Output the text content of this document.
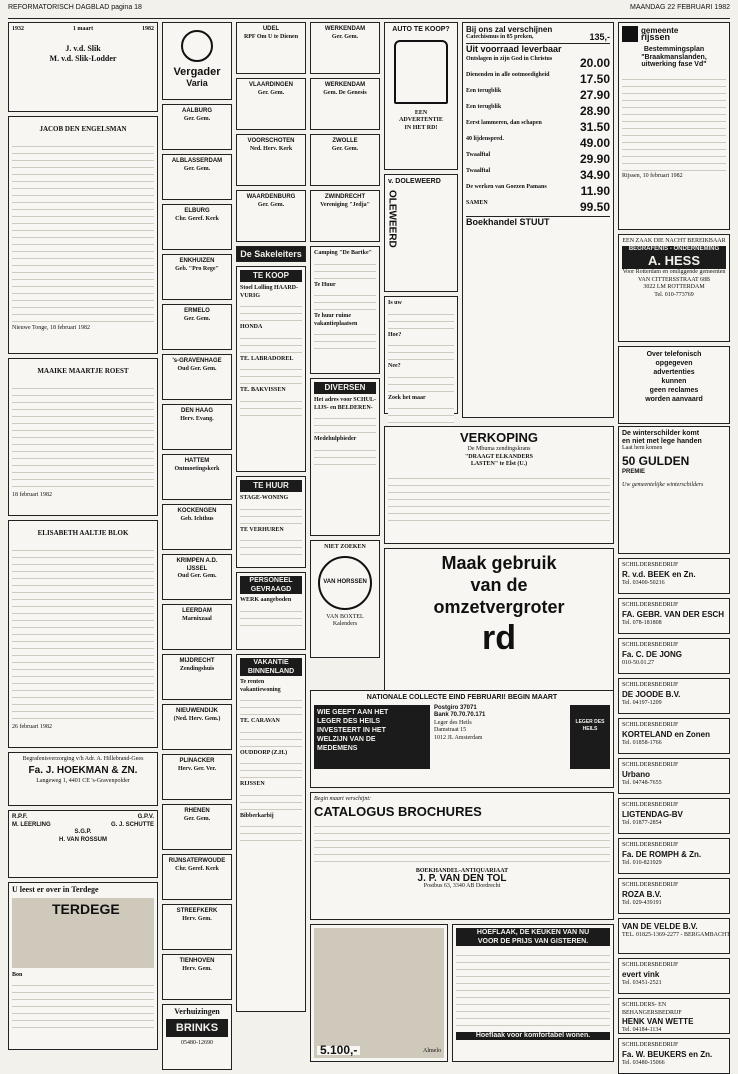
REFORMATORISCH DAGBLAD pagina 18	MAANDAG 22 FEBRUARI 1982
1932	1 maart	1982
J. v.d. Slik
M. v.d. Slik-Lodder
JACOB DEN ENGELSMAN
Nieuwe Tonge, 18 februari 1982
MAAIKE MAARTJE ROEST
18 februari 1982
ELISABETH AALTJE BLOK
26 februari 1982
Begrafenisverzorging v/h Adr. A. Hillebrand-Gees
Fa. J. HOEKMAN & ZN.
Langeweg 1, 4401 CE 's-Gravenpolder
R.P.F.	G.P.V.
M. LEERLING	G. J. SCHUTTE
S.G.P.
H. VAN ROSSUM
U leest er over in Terdege
TERDEGE
Bon
Vergader
Varia
AALBURG
Ger. Gem.
ALBLASSERDAM
Ger. Gem.
ELBURG
Chr. Geref. Kerk
ENKHUIZEN
Geb. "Pro Rege"
ERMELO
Ger. Gem.
's-GRAVENHAGE
Oud Ger. Gem.
DEN HAAG
Herv. Evang.
HATTEM
Ontmoetingskerk
KOCKENGEN
Geb. Ichthus
KRIMPEN A.D. IJSSEL
Oud Ger. Gem.
LEERDAM
Marnixzaal
MIJDRECHT
Zendingshuis
NIEUWENDIJK
(Ned. Herv. Gem.)
PLINACKER
Herv. Ger. Ver.
RHENEN
Ger. Gem.
RIJNSATERWOUDE
Chr. Geref. Kerk
STREEFKERK
Herv. Gem.
TIENHOVEN
Herv. Gem.
Verhuizingen
BRINKS
05480-12690
UDEL
RPF Om U te Dienen
VLAARDINGEN
Ger. Gem.
VOORSCHOTEN
Ned. Herv. Kerk
WAARDENBURG
Ger. Gem.
De Sakeleiters
TE KOOP
Stoel Lolling HAARD-VURIG
HONDA
TE. LABRADOREL
TE. BAKVISSEN
TE HUUR
STAGE-WONING
TE VERHUREN
PERSONEEL GEVRAAGD
WERK aangeboden
VAKANTIE BINNENLAND
Te renten vakantiewoning
TE. CARAVAN
OUDDORP (Z.H.)
RIJSSEN
Bibberkarbij
WERKENDAM
Ger. Gem.
WERKENDAM
Gem. De Genesis
ZWOLLE
Ger. Gem.
ZWINDRECHT
Vereniging "Jedja"
Camping "De Bartke"
Te Huur
Te huur ruime vakantieplaatsen
DIVERSEN
Het adres voor SCHUL-LIJS- en BELDEREN-
Medehulpbieder
NIET ZOEKEN
VAN HORSSEN
VAN BOXTEL
Kalenders
AUTO TE KOOP?
EEN
ADVERTENTIE
IN HET RD!
v. DOLEWEERD
OLEWEERD
Is uw
Hoe?
Nee?
Zoek het maar
Bij ons zal verschijnen
Catechismus in 85 preken,	135,-
Uit voorraad leverbaar
Ontslagen in zijn God in Christus 20.00
Dienenden in alle ootmoedigheid	17.50
Een terugblik	27.90
Een terugblik	28.90
Eerst lammeren, dan schapen	31.50
40 lijdenspred.	49.00
Twaalftal	29.90
Twaalftal	34.90
De werken van Goezen Pamans	11.90
SAMEN	99.50
Boekhandel STUUT
gemeente
rijssen
Bestemmingsplan
"Braakmanslanden,
uitwerking fase Vd"
Rijssen, 10 februari 1982
EEN ZAAK DIE NACHT BEREIKBAAR
BEGRAFENIS - ONDERNEMING
A. HESS
Voor Rotterdam en omliggende gemeenten
VAN CITTERSSTRAAT 68B
3022 LM ROTTERDAM
Tel. 010-773769
Over telefonisch
opgegeven
advertenties
kunnen
geen reclames
worden aanvaard
VERKOPING
De Mbuma zendingskrans
"DRAAGT ELKANDERS
LASTEN" te Elst (U.)
Maak gebruik
van de
omzetvergroter
rd
De winterschilder komt
en niet met lege handen
Laat hem komen
50 GULDEN
PREMIE
Uw gemeentelijke winterschilders
SCHILDERSBEDRIJF
R. v.d. BEEK en Zn.
Tel. 03400-50216
SCHILDERSBEDRIJF
FA. GEBR. VAN DER ESCH
Tel. 078-181808
SCHILDERSBEDRIJF
Fa. C. DE JONG
010-50.01.27
SCHILDERSBEDRIJF
DE JOODE B.V.
Tel. 04197-1209
SCHILDERSBEDRIJF
KORTELAND en Zonen
Tel. 01858-1766
SCHILDERSBEDRIJF
Urbano
Tel. 04748-7655
SCHILDERSBEDRIJF
LIGTENDAG-BV
Tel. 01877-2854
SCHILDERSBEDRIJF
Fa. DE ROMPH & Zn.
Tel. 010-821929
SCHILDERSBEDRIJF
ROZA B.V.
Tel. 029-439191
VAN DE VELDE B.V.
TEL. 01825-1369-2277 - BERGAMBACHT
SCHILDERSBEDRIJF
evert vink
Tel. 03451-2521
SCHILDERS- EN BEHANGERSBEDRIJF
HENK VAN WETTE
Tel. 04184-1134
SCHILDERSBEDRIJF
Fa. W. BEUKERS en Zn.
Tel. 03480-15066
NATIONALE COLLECTE EIND FEBRUARI! BEGIN MAART
WIE GEEFT AAN HET
LEGER DES HEILS
INVESTEERT IN HET
WELZIJN VAN DE
MEDEMENS
Postgiro 37071
Bank 70.70.70.171
Leger des Heils
Damstraat 15
1012 JL Amsterdam
LEGER DES HEILS
Begin maart verschijnt:
CATALOGUS BROCHURES
BOEKHANDEL-ANTIQUARIAAT
J. P. VAN DEN TOL
Postbus 63, 3340 AB Dordrecht
5.100,-	Almelo
HOEFLAAK, DE KEUKEN VAN NU
VOOR DE PRIJS VAN GISTEREN.
Hoeflaak voor komfortabel wonen.
